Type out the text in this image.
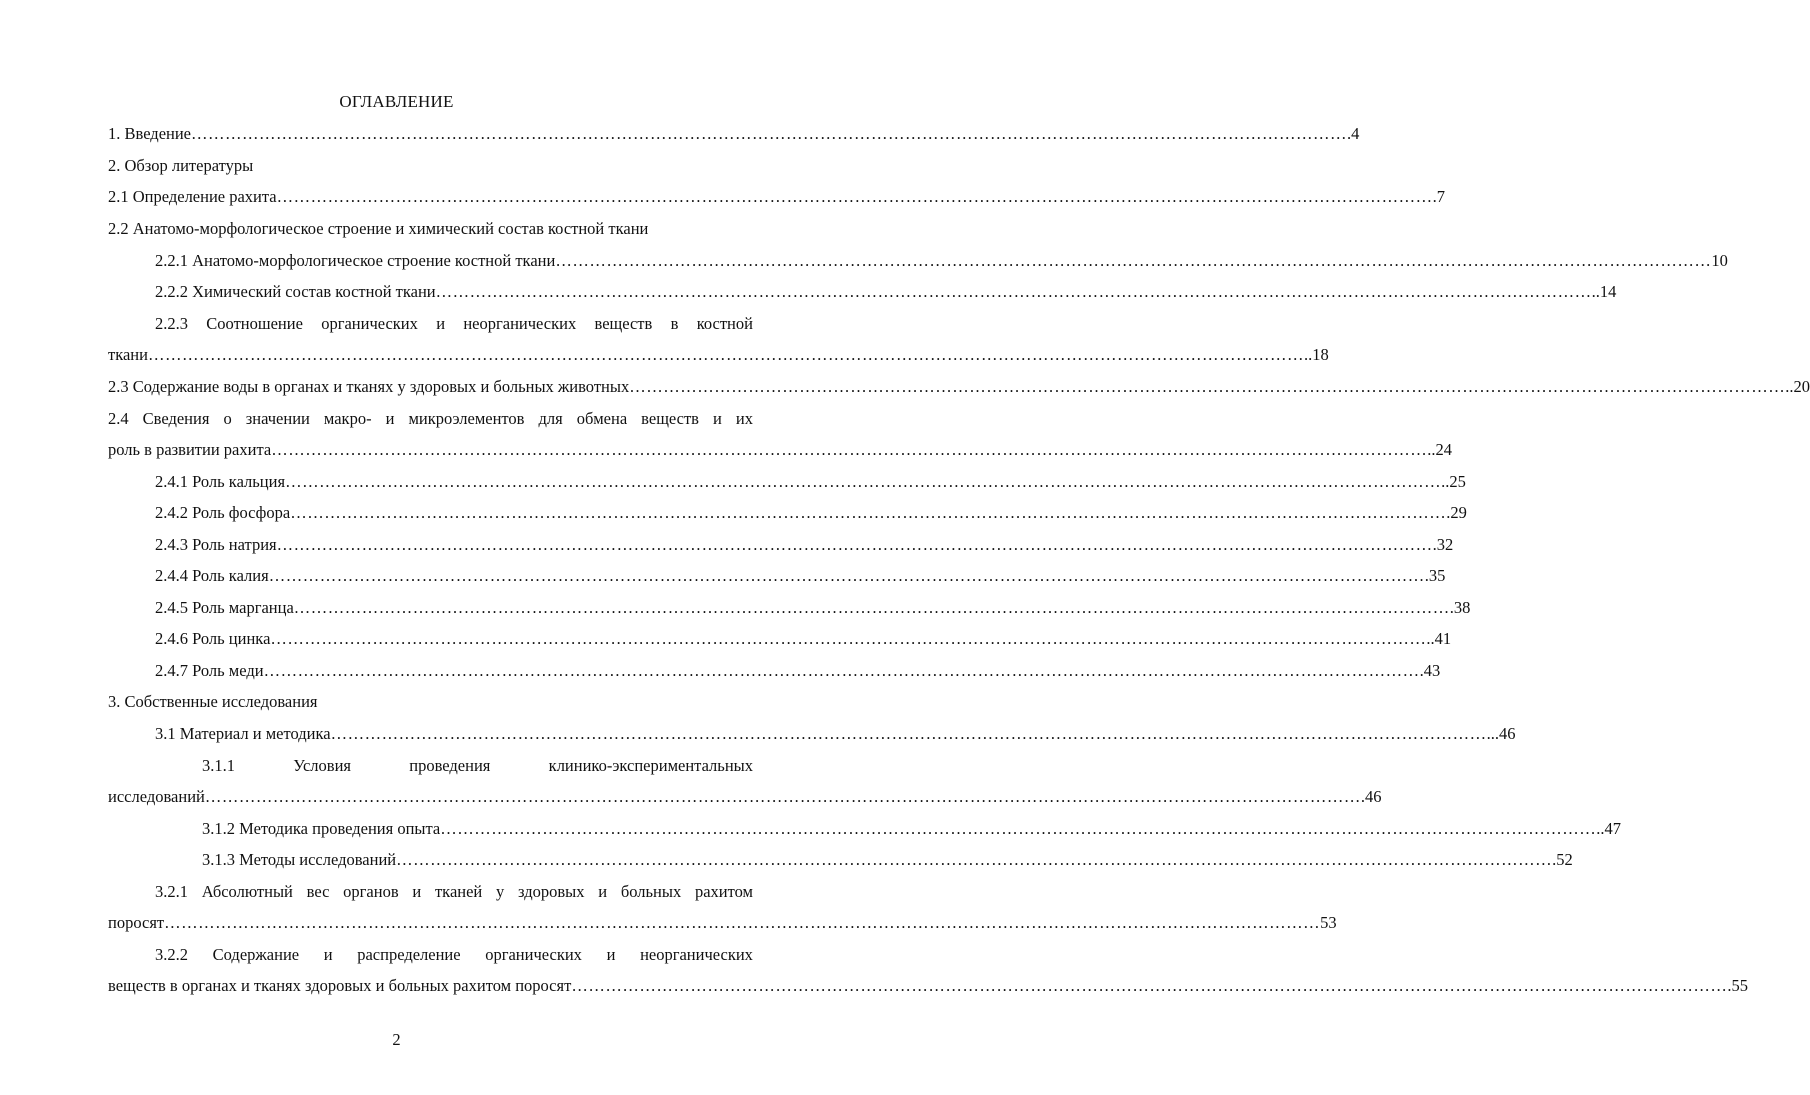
ОГЛАВЛЕНИЕ
1. Введение …………………………………………………………………………………………………………………………………………………………………………………… .4
2. Обзор литературы
2.1 Определение рахита …………………………………………………………………………………………………………………………………………………………………………………… .7
2.2 Анатомо-морфологическое строение и химический состав костной ткани
2.2.1 Анатомо-морфологическое строение костной ткани …………………………………………………………………………………………………………………………………………………………………………………… 10
2.2.2 Химический состав костной ткани …………………………………………………………………………………………………………………………………………………………………………………… ..14
2.2.3 Соотношение органических и неорганических веществ в костной
ткани …………………………………………………………………………………………………………………………………………………………………………………… ..18
2.3 Содержание воды в органах и тканях у здоровых и больных животных …………………………………………………………………………………………………………………………………………………………………………………… ..20
2.4 Сведения о значении макро- и микроэлементов для обмена веществ и их
роль в развитии рахита …………………………………………………………………………………………………………………………………………………………………………………… ..24
2.4.1 Роль кальция …………………………………………………………………………………………………………………………………………………………………………………… ..25
2.4.2 Роль фосфора …………………………………………………………………………………………………………………………………………………………………………………… .29
2.4.3 Роль натрия …………………………………………………………………………………………………………………………………………………………………………………… .32
2.4.4 Роль калия …………………………………………………………………………………………………………………………………………………………………………………… .35
2.4.5 Роль марганца …………………………………………………………………………………………………………………………………………………………………………………… .38
2.4.6 Роль цинка …………………………………………………………………………………………………………………………………………………………………………………… ..41
2.4.7 Роль меди …………………………………………………………………………………………………………………………………………………………………………………… .43
3. Собственные исследования
3.1 Материал и методика …………………………………………………………………………………………………………………………………………………………………………………… ...46
3.1.1	Условия	проведения	клинико-экспериментальных
исследований …………………………………………………………………………………………………………………………………………………………………………………… .46
3.1.2 Методика проведения опыта …………………………………………………………………………………………………………………………………………………………………………………… ..47
3.1.3 Методы исследований …………………………………………………………………………………………………………………………………………………………………………………… .52
3.2.1 Абсолютный вес органов и тканей у здоровых и больных рахитом
поросят …………………………………………………………………………………………………………………………………………………………………………………… 53
3.2.2 Содержание и распределение органических и неорганических
веществ в органах и тканях здоровых и больных рахитом поросят …………………………………………………………………………………………………………………………………………………………………………………… .55
2
